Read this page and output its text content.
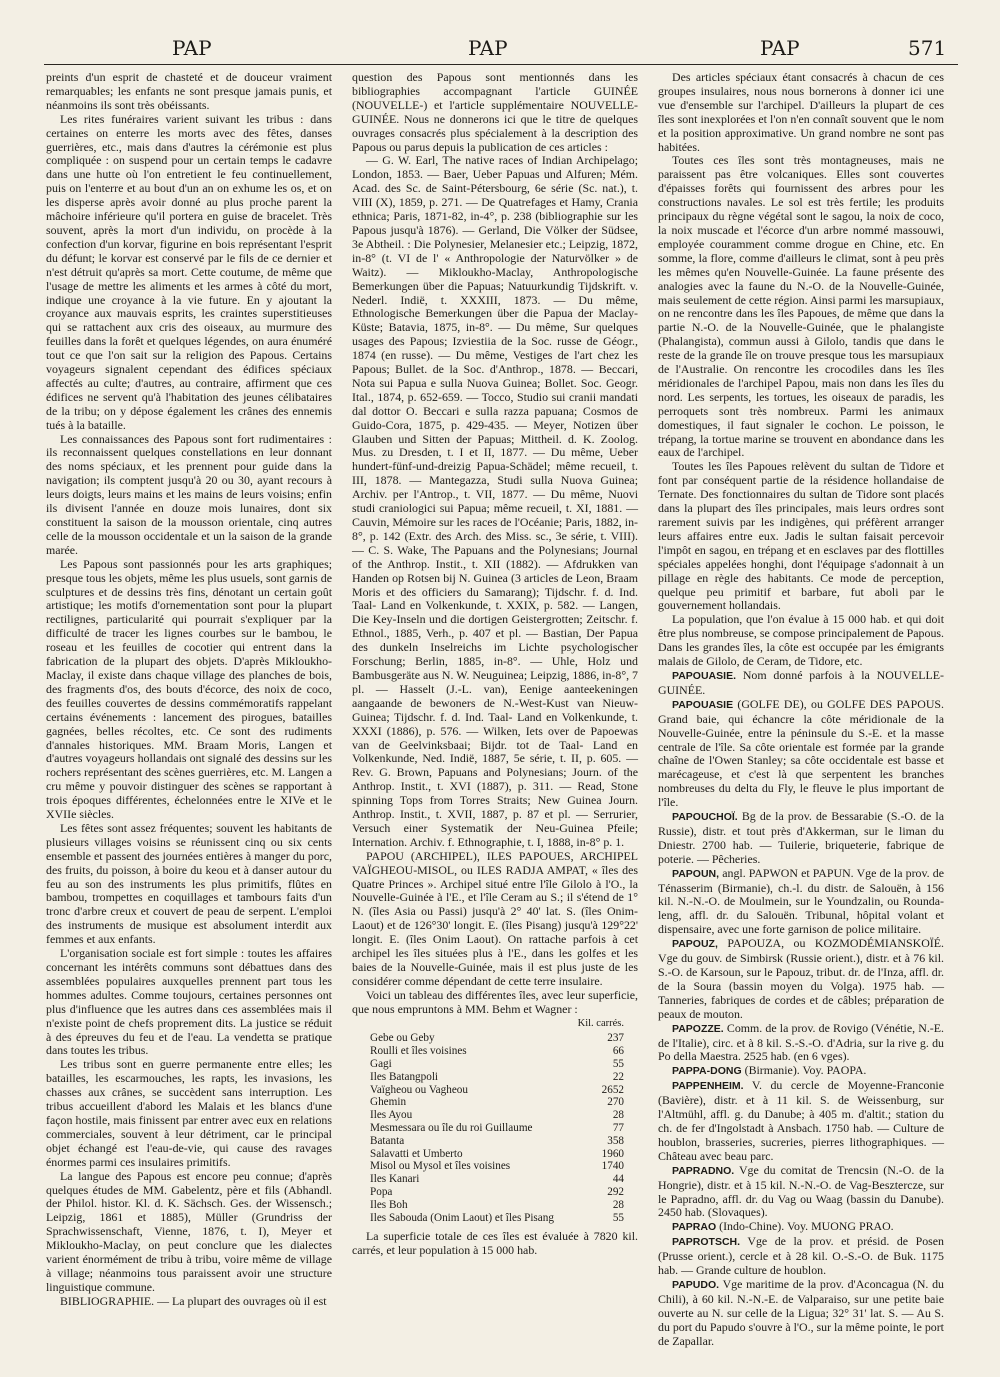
PAP	PAP	PAP	571

preints d'un esprit de chasteté et de douceur vraiment remarquables; les enfants ne sont presque jamais punis, et néanmoins ils sont très obéissants.

Les rites funéraires varient suivant les tribus : dans certaines on enterre les morts avec des fêtes, danses guerrières, etc., mais dans d'autres la cérémonie est plus compliquée : on suspend pour un certain temps le cadavre dans une hutte où l'on entretient le feu continuellement, puis on l'enterre et au bout d'un an on exhume les os, et on les disperse après avoir donné au plus proche parent la mâchoire inférieure qu'il portera en guise de bracelet. Très souvent, après la mort d'un individu, on procède à la confection d'un korvar, figurine en bois représentant l'esprit du défunt; le korvar est conservé par le fils de ce dernier et n'est détruit qu'après sa mort. Cette coutume, de même que l'usage de mettre les aliments et les armes à côté du mort, indique une croyance à la vie future. En y ajoutant la croyance aux mauvais esprits, les craintes superstitieuses qui se rattachent aux cris des oiseaux, au murmure des feuilles dans la forêt et quelques légendes, on aura énuméré tout ce que l'on sait sur la religion des Papous. Certains voyageurs signalent cependant des édifices spéciaux affectés au culte; d'autres, au contraire, affirment que ces édifices ne servent qu'à l'habitation des jeunes célibataires de la tribu; on y dépose également les crânes des ennemis tués à la bataille.

Les connaissances des Papous sont fort rudimentaires : ils reconnaissent quelques constellations en leur donnant des noms spéciaux, et les prennent pour guide dans la navigation; ils comptent jusqu'à 20 ou 30, ayant recours à leurs doigts, leurs mains et les mains de leurs voisins; enfin ils divisent l'année en douze mois lunaires, dont six constituent la saison de la mousson orientale, cinq autres celle de la mousson occidentale et un la saison de la grande marée.

Les Papous sont passionnés pour les arts graphiques; presque tous les objets, même les plus usuels, sont garnis de sculptures et de dessins très fins, dénotant un certain goût artistique; les motifs d'ornementation sont pour la plupart rectilignes, particularité qui pourrait s'expliquer par la difficulté de tracer les lignes courbes sur le bambou, le roseau et les feuilles de cocotier qui entrent dans la fabrication de la plupart des objets. D'après Mikloukho-Maclay, il existe dans chaque village des planches de bois, des fragments d'os, des bouts d'écorce, des noix de coco, des feuilles couvertes de dessins commémoratifs rappelant certains événements : lancement des pirogues, batailles gagnées, belles récoltes, etc. Ce sont des rudiments d'annales historiques. MM. Braam Moris, Langen et d'autres voyageurs hollandais ont signalé des dessins sur les rochers représentant des scènes guerrières, etc. M. Langen a cru même y pouvoir distinguer des scènes se rapportant à trois époques différentes, échelonnées entre le XIVe et le XVIIe siècles.

Les fêtes sont assez fréquentes; souvent les habitants de plusieurs villages voisins se réunissent cinq ou six cents ensemble et passent des journées entières à manger du porc, des fruits, du poisson, à boire du keou et à danser autour du feu au son des instruments les plus primitifs, flûtes en bambou, trompettes en coquillages et tambours faits d'un tronc d'arbre creux et couvert de peau de serpent. L'emploi des instruments de musique est absolument interdit aux femmes et aux enfants.

L'organisation sociale est fort simple : toutes les affaires concernant les intérêts communs sont débattues dans des assemblées populaires auxquelles prennent part tous les hommes adultes. Comme toujours, certaines personnes ont plus d'influence que les autres dans ces assemblées mais il n'existe point de chefs proprement dits. La justice se réduit à des épreuves du feu et de l'eau. La vendetta se pratique dans toutes les tribus.

Les tribus sont en guerre permanente entre elles; les batailles, les escarmouches, les rapts, les invasions, les chasses aux crânes, se succèdent sans interruption. Les tribus accueillent d'abord les Malais et les blancs d'une façon hostile, mais finissent par entrer avec eux en relations commerciales, souvent à leur détriment, car le principal objet échangé est l'eau-de-vie, qui cause des ravages énormes parmi ces insulaires primitifs.

La langue des Papous est encore peu connue; d'après quelques études de MM. Gabelentz, père et fils (Abhandl. der Philol. histor. Kl. d. K. Sächsch. Ges. der Wissensch.; Leipzig, 1861 et 1885), Müller (Grundriss der Sprachwissenschaft, Vienne, 1876, t. I), Meyer et Mikloukho-Maclay, on peut conclure que les dialectes varient énormément de tribu à tribu, voire même de village à village; néanmoins tous paraissent avoir une structure linguistique commune.

BIBLIOGRAPHIE. — La plupart des ouvrages où il est

question des Papous sont mentionnés dans les bibliographies accompagnant l'article GUINÉE (NOUVELLE-) et l'article supplémentaire NOUVELLE-GUINÉE. Nous ne donnerons ici que le titre de quelques ouvrages consacrés plus spécialement à la description des Papous ou parus depuis la publication de ces articles :

— G. W. Earl, The native races of Indian Archipelago; London, 1853. — Baer, Ueber Papuas und Alfuren; Mém. Acad. des Sc. de Saint-Pétersbourg, 6e série (Sc. nat.), t. VIII (X), 1859, p. 271. — De Quatrefages et Hamy, Crania ethnica; Paris, 1871-82, in-4°, p. 238 (bibliographie sur les Papous jusqu'à 1876). — Gerland, Die Völker der Südsee, 3e Abtheil. : Die Polynesier, Melanesier etc.; Leipzig, 1872, in-8° (t. VI de l' « Anthropologie der Naturvölker » de Waitz). — Mikloukho-Maclay, Anthropologische Bemerkungen über die Papuas; Natuurkundig Tijdskrift. v. Nederl. Indië, t. XXXIII, 1873. — Du même, Ethnologische Bemerkungen über die Papua der Maclay-Küste; Batavia, 1875, in-8°. — Du même, Sur quelques usages des Papous; Izviestiia de la Soc. russe de Géogr., 1874 (en russe). — Du même, Vestiges de l'art chez les Papous; Bullet. de la Soc. d'Anthrop., 1878. — Beccari, Nota sui Papua e sulla Nuova Guinea; Bollet. Soc. Geogr. Ital., 1874, p. 652-659. — Tocco, Studio sui cranii mandati dal dottor O. Beccari e sulla razza papuana; Cosmos de Guido-Cora, 1875, p. 429-435. — Meyer, Notizen über Glauben und Sitten der Papuas; Mittheil. d. K. Zoolog. Mus. zu Dresden, t. I et II, 1877. — Du même, Ueber hundert-fünf-und-dreizig Papua-Schädel; même recueil, t. III, 1878. — Mantegazza, Studi sulla Nuova Guinea; Archiv. per l'Antrop., t. VII, 1877. — Du même, Nuovi studi craniologici sui Papua; même recueil, t. XI, 1881. — Cauvin, Mémoire sur les races de l'Océanie; Paris, 1882, in-8°, p. 142 (Extr. des Arch. des Miss. sc., 3e série, t. VIII). — C. S. Wake, The Papuans and the Polynesians; Journal of the Anthrop. Instit., t. XII (1882). — Afdrukken van Handen op Rotsen bij N. Guinea (3 articles de Leon, Braam Moris et des officiers du Samarang); Tijdschr. f. d. Ind. Taal- Land en Volkenkunde, t. XXIX, p. 582. — Langen, Die Key-Inseln und die dortigen Geistergrotten; Zeitschr. f. Ethnol., 1885, Verh., p. 407 et pl. — Bastian, Der Papua des dunkeln Inselreichs im Lichte psychologischer Forschung; Berlin, 1885, in-8°. — Uhle, Holz und Bambusgeräte aus N. W. Neuguinea; Leipzig, 1886, in-8°, 7 pl. — Hasselt (J.-L. van), Eenige aanteekeningen aangaande de bewoners de N.-West-Kust van Nieuw-Guinea; Tijdschr. f. d. Ind. Taal- Land en Volkenkunde, t. XXXI (1886), p. 576. — Wilken, Iets over de Papoewas van de Geelvinksbaai; Bijdr. tot de Taal- Land en Volkenkunde, Ned. Indië, 1887, 5e série, t. II, p. 605. — Rev. G. Brown, Papuans and Polynesians; Journ. of the Anthrop. Instit., t. XVI (1887), p. 311. — Read, Stone spinning Tops from Torres Straits; New Guinea Journ. Anthrop. Instit., t. XVII, 1887, p. 87 et pl. — Serrurier, Versuch einer Systematik der Neu-Guinea Pfeile; Internation. Archiv. f. Ethnographie, t. I, 1888, in-8° p. 1.

PAPOU (ARCHIPEL), ILES PAPOUES, ARCHIPEL VAÏGHEOU-MISOL, ou ILES RADJA AMPAT, « îles des Quatre Princes ». Archipel situé entre l'île Gilolo à l'O., la Nouvelle-Guinée à l'E., et l'île Ceram au S.; il s'étend de 1° N. (îles Asia ou Passi) jusqu'à 2° 40' lat. S. (îles Onim-Laout) et de 126°30' longit. E. (îles Pisang) jusqu'à 129°22' longit. E. (îles Onim Laout). On rattache parfois à cet archipel les îles situées plus à l'E., dans les golfes et les baies de la Nouvelle-Guinée, mais il est plus juste de les considérer comme dépendant de cette terre insulaire.

Voici un tableau des différentes îles, avec leur superficie, que nous empruntons à MM. Behm et Wagner :

Kil. carrés.	
Gebe ou Geby	237
Roulli et îles voisines	66
Gagi	55
Iles Batangpoli	22
Vaïgheou ou Vagheou	2652
Ghemin	270
Iles Ayou	28
Mesmessara ou île du roi Guillaume	77
Batanta	358
Salavatti et Umberto	1960
Misol ou Mysol et îles voisines	1740
Iles Kanari	44
Popa	292
Iles Boh	28
Iles Sabouda (Onim Laout) et îles Pisang	55

La superficie totale de ces îles est évaluée à 7820 kil. carrés, et leur population à 15 000 hab.

Des articles spéciaux étant consacrés à chacun de ces groupes insulaires, nous nous bornerons à donner ici une vue d'ensemble sur l'archipel. D'ailleurs la plupart de ces îles sont inexplorées et l'on n'en connaît souvent que le nom et la position approximative. Un grand nombre ne sont pas habitées.

Toutes ces îles sont très montagneuses, mais ne paraissent pas être volcaniques. Elles sont couvertes d'épaisses forêts qui fournissent des arbres pour les constructions navales. Le sol est très fertile; les produits principaux du règne végétal sont le sagou, la noix de coco, la noix muscade et l'écorce d'un arbre nommé massouwi, employée couramment comme drogue en Chine, etc. En somme, la flore, comme d'ailleurs le climat, sont à peu près les mêmes qu'en Nouvelle-Guinée. La faune présente des analogies avec la faune du N.-O. de la Nouvelle-Guinée, mais seulement de cette région. Ainsi parmi les marsupiaux, on ne rencontre dans les îles Papoues, de même que dans la partie N.-O. de la Nouvelle-Guinée, que le phalangiste (Phalangista), commun aussi à Gilolo, tandis que dans le reste de la grande île on trouve presque tous les marsupiaux de l'Australie. On rencontre les crocodiles dans les îles méridionales de l'archipel Papou, mais non dans les îles du nord. Les serpents, les tortues, les oiseaux de paradis, les perroquets sont très nombreux. Parmi les animaux domestiques, il faut signaler le cochon. Le poisson, le trépang, la tortue marine se trouvent en abondance dans les eaux de l'archipel.

Toutes les îles Papoues relèvent du sultan de Tidore et font par conséquent partie de la résidence hollandaise de Ternate. Des fonctionnaires du sultan de Tidore sont placés dans la plupart des îles principales, mais leurs ordres sont rarement suivis par les indigènes, qui préfèrent arranger leurs affaires entre eux. Jadis le sultan faisait percevoir l'impôt en sagou, en trépang et en esclaves par des flottilles spéciales appelées honghi, dont l'équipage s'adonnait à un pillage en règle des habitants. Ce mode de perception, quelque peu primitif et barbare, fut aboli par le gouvernement hollandais.

La population, que l'on évalue à 15 000 hab. et qui doit être plus nombreuse, se compose principalement de Papous. Dans les grandes îles, la côte est occupée par les émigrants malais de Gilolo, de Ceram, de Tidore, etc.

PAPOUASIE. Nom donné parfois à la NOUVELLE-GUINÉE.

PAPOUASIE (GOLFE DE), ou GOLFE DES PAPOUS. Grand baie, qui échancre la côte méridionale de la Nouvelle-Guinée, entre la péninsule du S.-E. et la masse centrale de l'île. Sa côte orientale est formée par la grande chaîne de l'Owen Stanley; sa côte occidentale est basse et marécageuse, et c'est là que serpentent les branches nombreuses du delta du Fly, le fleuve le plus important de l'île.

PAPOUCHOÏ. Bg de la prov. de Bessarabie (S.-O. de la Russie), distr. et tout près d'Akkerman, sur le liman du Dniestr. 2700 hab. — Tuilerie, briqueterie, fabrique de poterie. — Pêcheries.

PAPOUN, angl. PAPWON et PAPUN. Vge de la prov. de Ténasserim (Birmanie), ch.-l. du distr. de Salouën, à 156 kil. N.-N.-O. de Moulmein, sur le Youndzalin, ou Rounda-leng, affl. dr. du Salouën. Tribunal, hôpital volant et dispensaire, avec une forte garnison de police militaire.

PAPOUZ, PAPOUZA, ou KOZMODÉMIANSKOÏÉ. Vge du gouv. de Simbirsk (Russie orient.), distr. et à 76 kil. S.-O. de Karsoun, sur le Papouz, tribut. dr. de l'Inza, affl. dr. de la Soura (bassin moyen du Volga). 1975 hab. — Tanneries, fabriques de cordes et de câbles; préparation de peaux de mouton.

PAPOZZE. Comm. de la prov. de Rovigo (Vénétie, N.-E. de l'Italie), circ. et à 8 kil. S.-S.-O. d'Adria, sur la rive g. du Po della Maestra. 2525 hab. (en 6 vges).

PAPPA-DONG (Birmanie). Voy. PAOPA.

PAPPENHEIM. V. du cercle de Moyenne-Franconie (Bavière), distr. et à 11 kil. S. de Weissenburg, sur l'Altmühl, affl. g. du Danube; à 405 m. d'altit.; station du ch. de fer d'Ingolstadt à Ansbach. 1750 hab. — Culture de houblon, brasseries, sucreries, pierres lithographiques. — Château avec beau parc.

PAPRADNO. Vge du comitat de Trencsin (N.-O. de la Hongrie), distr. et à 15 kil. N.-N.-O. de Vag-Besztercze, sur le Papradno, affl. dr. du Vag ou Waag (bassin du Danube). 2450 hab. (Slovaques).

PAPRAO (Indo-Chine). Voy. MUONG PRAO.

PAPROTSCH. Vge de la prov. et présid. de Posen (Prusse orient.), cercle et à 28 kil. O.-S.-O. de Buk. 1175 hab. — Grande culture de houblon.

PAPUDO. Vge maritime de la prov. d'Aconcagua (N. du Chili), à 60 kil. N.-N.-E. de Valparaiso, sur une petite baie ouverte au N. sur celle de la Ligua; 32° 31' lat. S. — Au S. du port du Papudo s'ouvre à l'O., sur la même pointe, le port de Zapallar.
